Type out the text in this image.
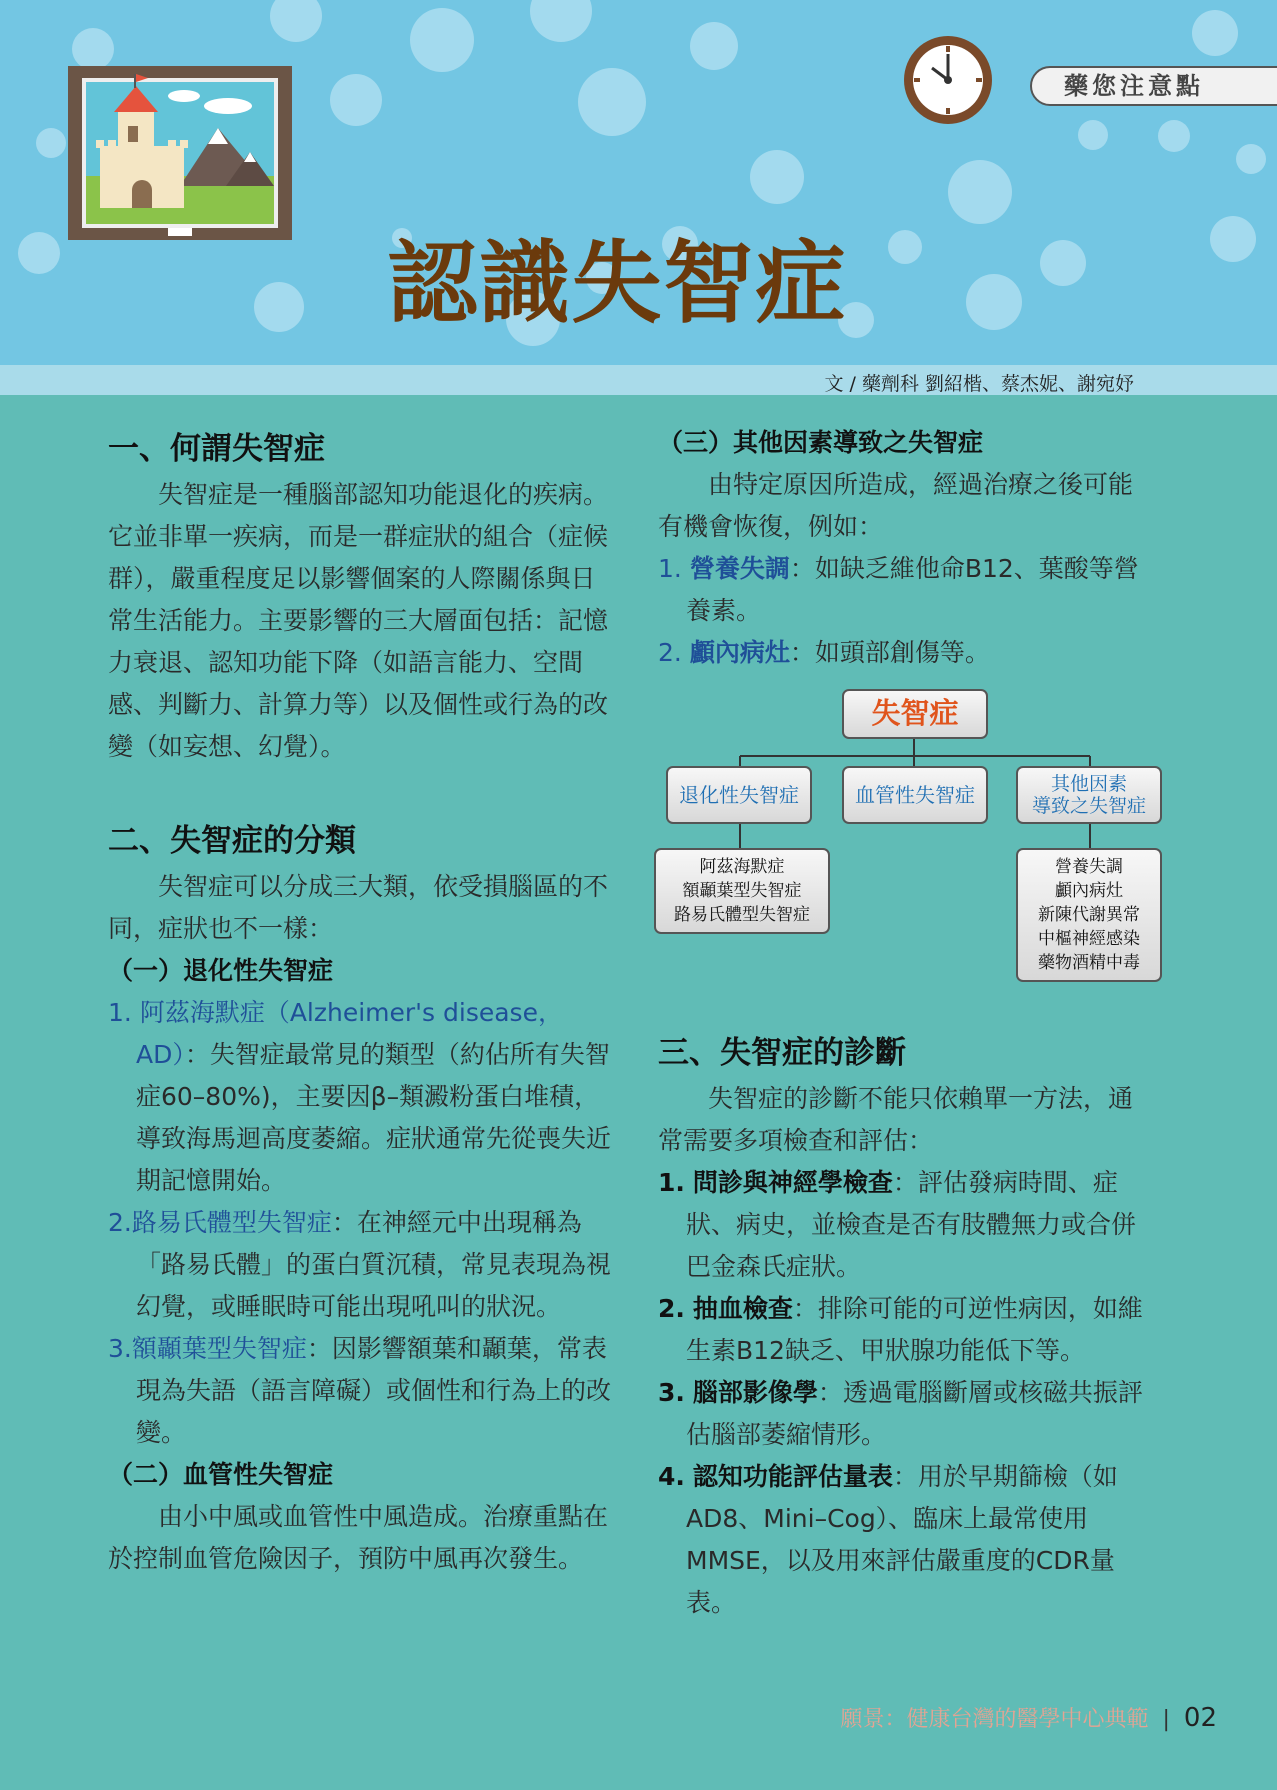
藥您注意點
認識失智症
文 / 藥劑科 劉紹楷、蔡杰妮、謝宛妤
一、何謂失智症

失智症是一種腦部認知功能退化的疾病。它並非單一疾病，而是一群症狀的組合（症候群），嚴重程度足以影響個案的人際關係與日常生活能力。主要影響的三大層面包括：記憶力衰退、認知功能下降（如語言能力、空間感、判斷力、計算力等）以及個性或行為的改變（如妄想、幻覺）。

二、失智症的分類

失智症可以分成三大類，依受損腦區的不同，症狀也不一樣：

（一）退化性失智症

1. 阿茲海默症（Alzheimer's disease，AD）：失智症最常見的類型（約佔所有失智症60–80%)，主要因β–類澱粉蛋白堆積，導致海馬迴高度萎縮。症狀通常先從喪失近期記憶開始。

2.路易氏體型失智症：在神經元中出現稱為「路易氏體」的蛋白質沉積，常見表現為視幻覺，或睡眠時可能出現吼叫的狀況。

3.額顳葉型失智症：因影響額葉和顳葉，常表現為失語（語言障礙）或個性和行為上的改變。

（二）血管性失智症

由小中風或血管性中風造成。治療重點在於控制血管危險因子，預防中風再次發生。

（三）其他因素導致之失智症

由特定原因所造成，經過治療之後可能有機會恢復，例如：

1. 營養失調：如缺乏維他命B12、葉酸等營養素。

2. 顱內病灶：如頭部創傷等。

失智症
退化性失智症	血管性失智症	其他因素
導致之失智症
阿茲海默症
額顳葉型失智症
路易氏體型失智症
營養失調
顱內病灶
新陳代謝異常
中樞神經感染
藥物酒精中毒
三、失智症的診斷

失智症的診斷不能只依賴單一方法，通常需要多項檢查和評估：

1. 問診與神經學檢查：評估發病時間、症狀、病史，並檢查是否有肢體無力或合併巴金森氏症狀。

2. 抽血檢查：排除可能的可逆性病因，如維生素B12缺乏、甲狀腺功能低下等。

3. 腦部影像學：透過電腦斷層或核磁共振評估腦部萎縮情形。

4. 認知功能評估量表：用於早期篩檢（如AD8、Mini–Cog）、臨床上最常使用MMSE，以及用來評估嚴重度的CDR量表。

願景：健康台灣的醫學中心典範 | 02
